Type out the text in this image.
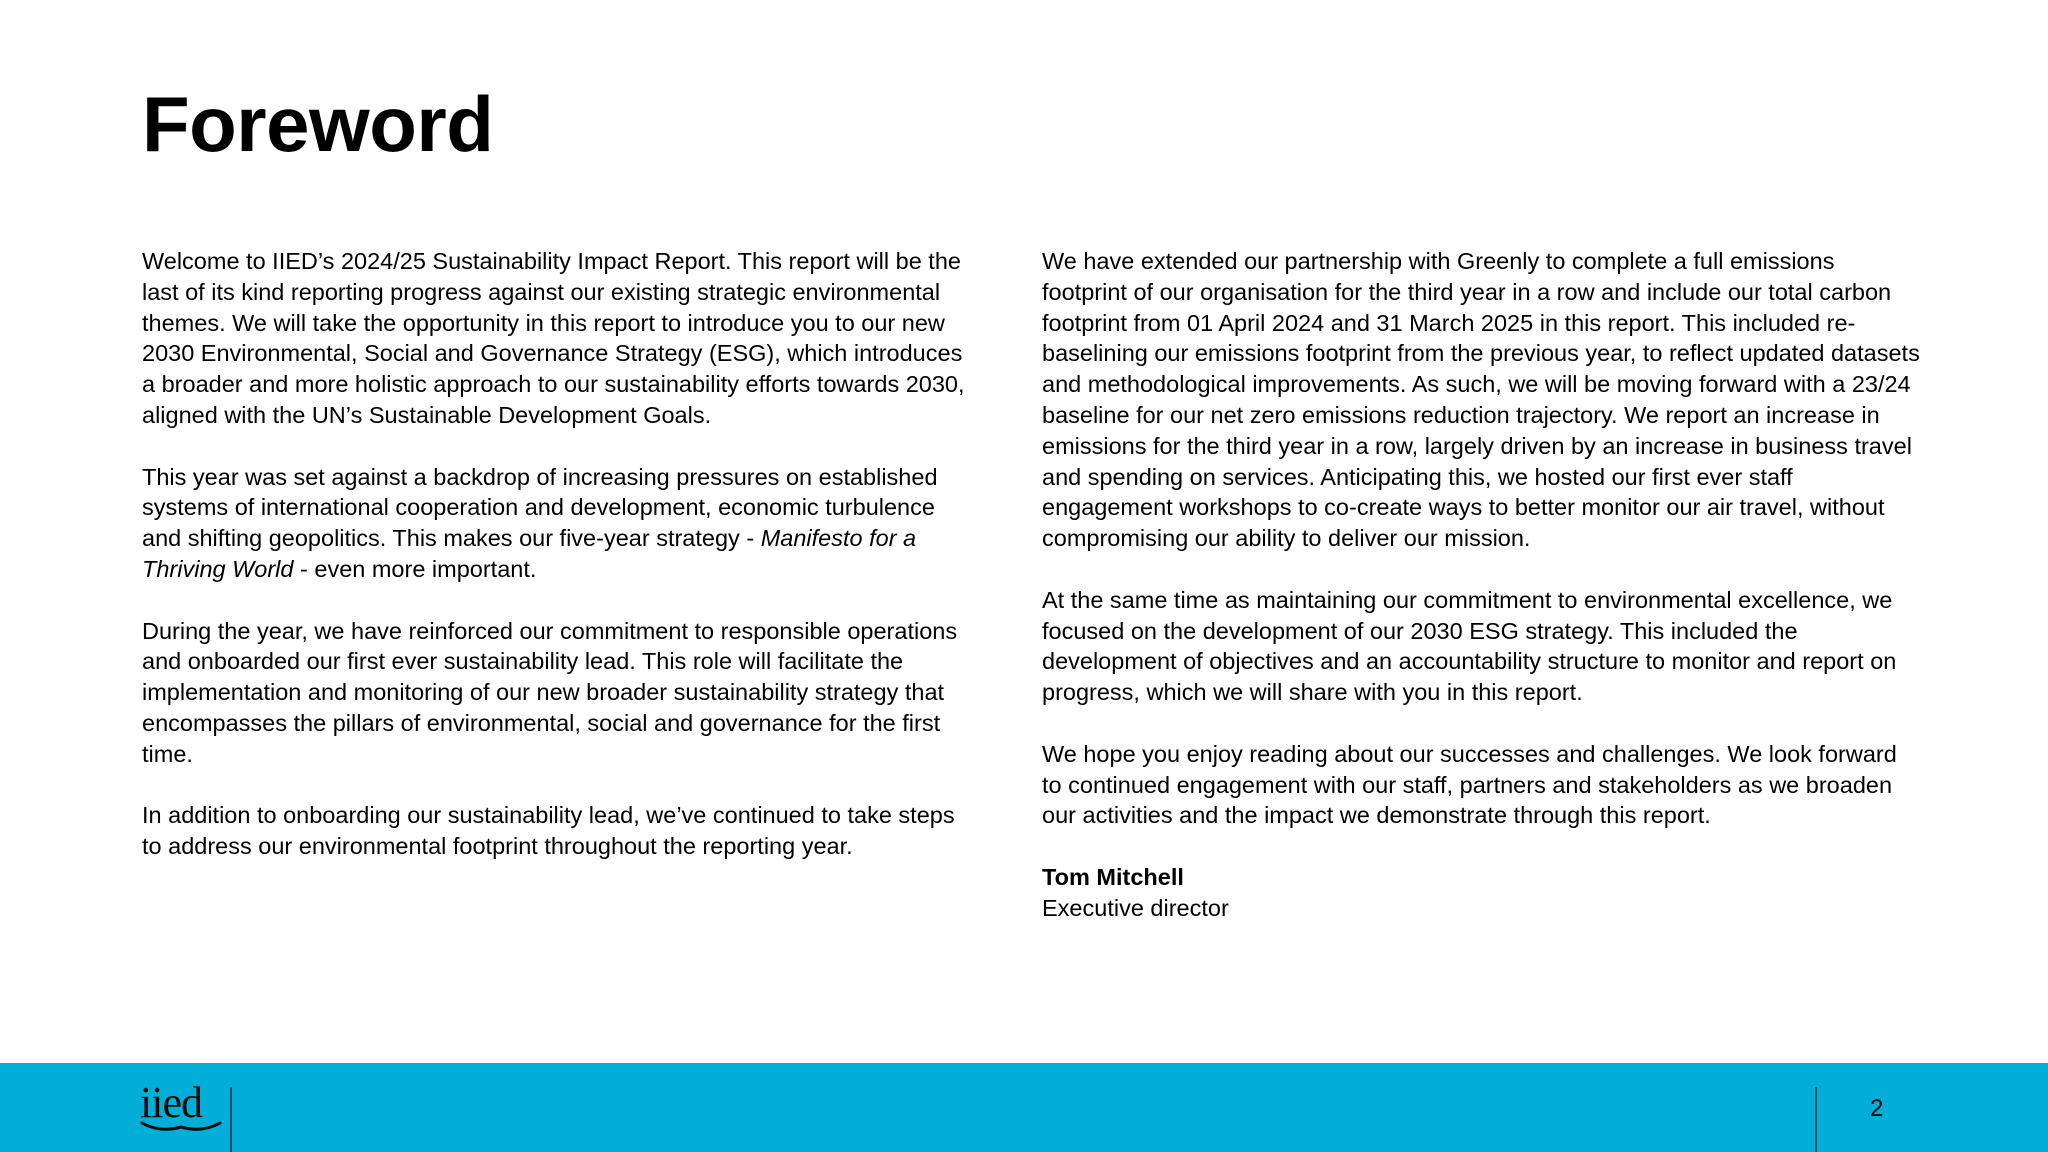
Foreword

Welcome to IIED’s 2024/25 Sustainability Impact Report. This report will be the last of its kind reporting progress against our existing strategic environmental themes. We will take the opportunity in this report to introduce you to our new 2030 Environmental, Social and Governance Strategy (ESG), which introduces a broader and more holistic approach to our sustainability efforts towards 2030, aligned with the UN’s Sustainable Development Goals.

This year was set against a backdrop of increasing pressures on established systems of international cooperation and development, economic turbulence and shifting geopolitics. This makes our five-year strategy - Manifesto for a Thriving World - even more important.

During the year, we have reinforced our commitment to responsible operations and onboarded our first ever sustainability lead. This role will facilitate the implementation and monitoring of our new broader sustainability strategy that encompasses the pillars of environmental, social and governance for the first time.

In addition to onboarding our sustainability lead, we’ve continued to take steps to address our environmental footprint throughout the reporting year.

We have extended our partnership with Greenly to complete a full emissions footprint of our organisation for the third year in a row and include our total carbon footprint from 01 April 2024 and 31 March 2025 in this report. This included re-baselining our emissions footprint from the previous year, to reflect updated datasets and methodological improvements. As such, we will be moving forward with a 23/24 baseline for our net zero emissions reduction trajectory. We report an increase in emissions for the third year in a row, largely driven by an increase in business travel and spending on services. Anticipating this, we hosted our first ever staff engagement workshops to co-create ways to better monitor our air travel, without compromising our ability to deliver our mission.

At the same time as maintaining our commitment to environmental excellence, we focused on the development of our 2030 ESG strategy. This included the development of objectives and an accountability structure to monitor and report on progress, which we will share with you in this report.

We hope you enjoy reading about our successes and challenges. We look forward to continued engagement with our staff, partners and stakeholders as we broaden our activities and the impact we demonstrate through this report.

Tom Mitchell
Executive director

iied	2
